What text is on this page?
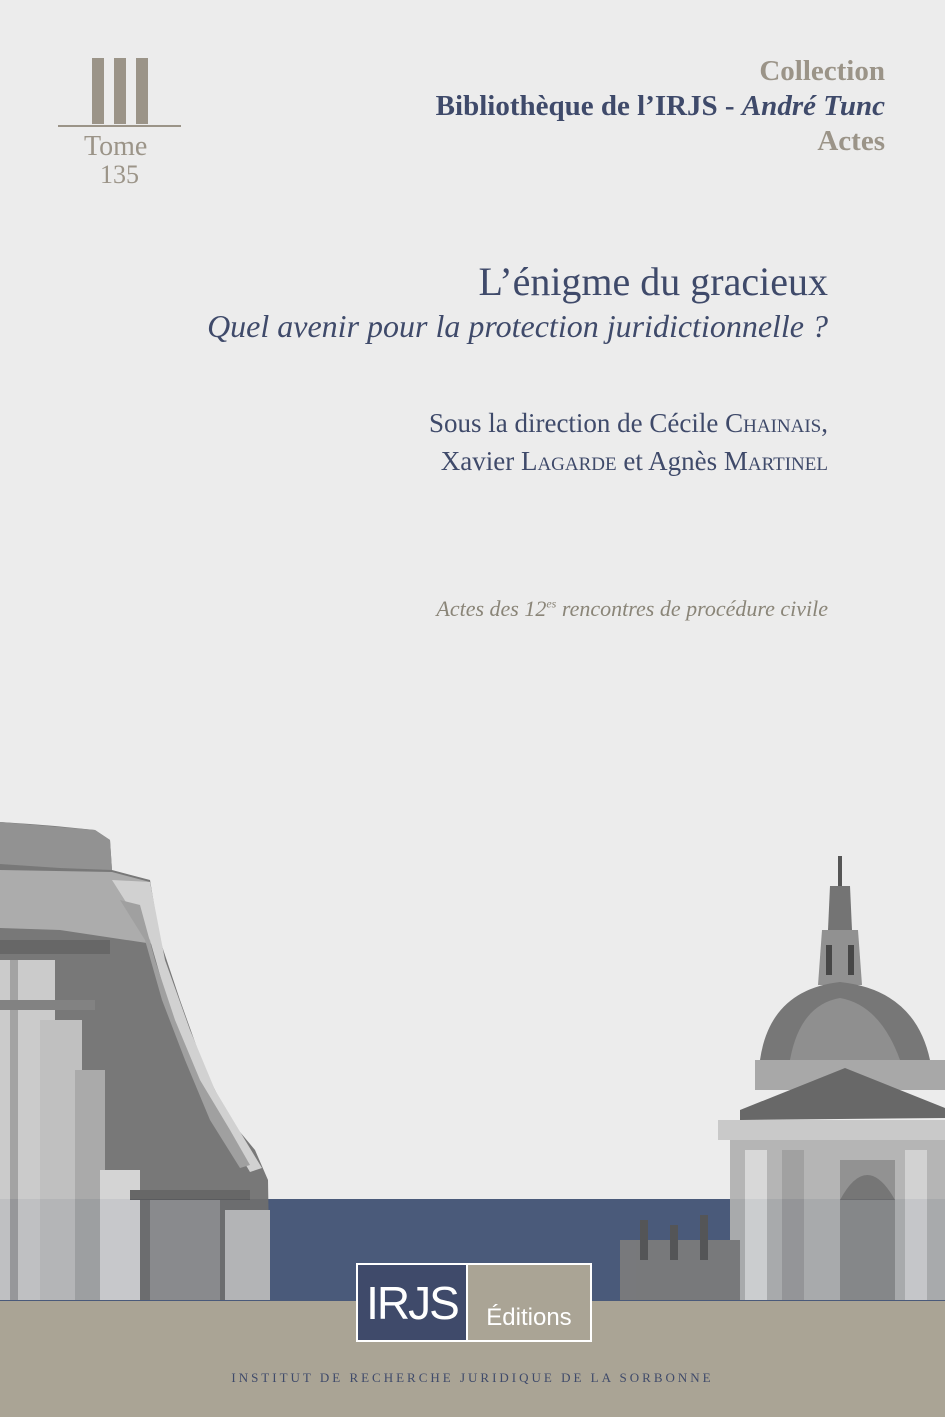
Tome
135
Collection
Bibliothèque de l’IRJS - André Tunc
Actes
L’énigme du gracieux
Quel avenir pour la protection juridictionnelle ?
Sous la direction de Cécile Chainais,
Xavier Lagarde et Agnès Martinel
Actes des $12^{es}$ rencontres de procédure civile
IRJS	Éditions
INSTITUT DE RECHERCHE JURIDIQUE DE LA SORBONNE
